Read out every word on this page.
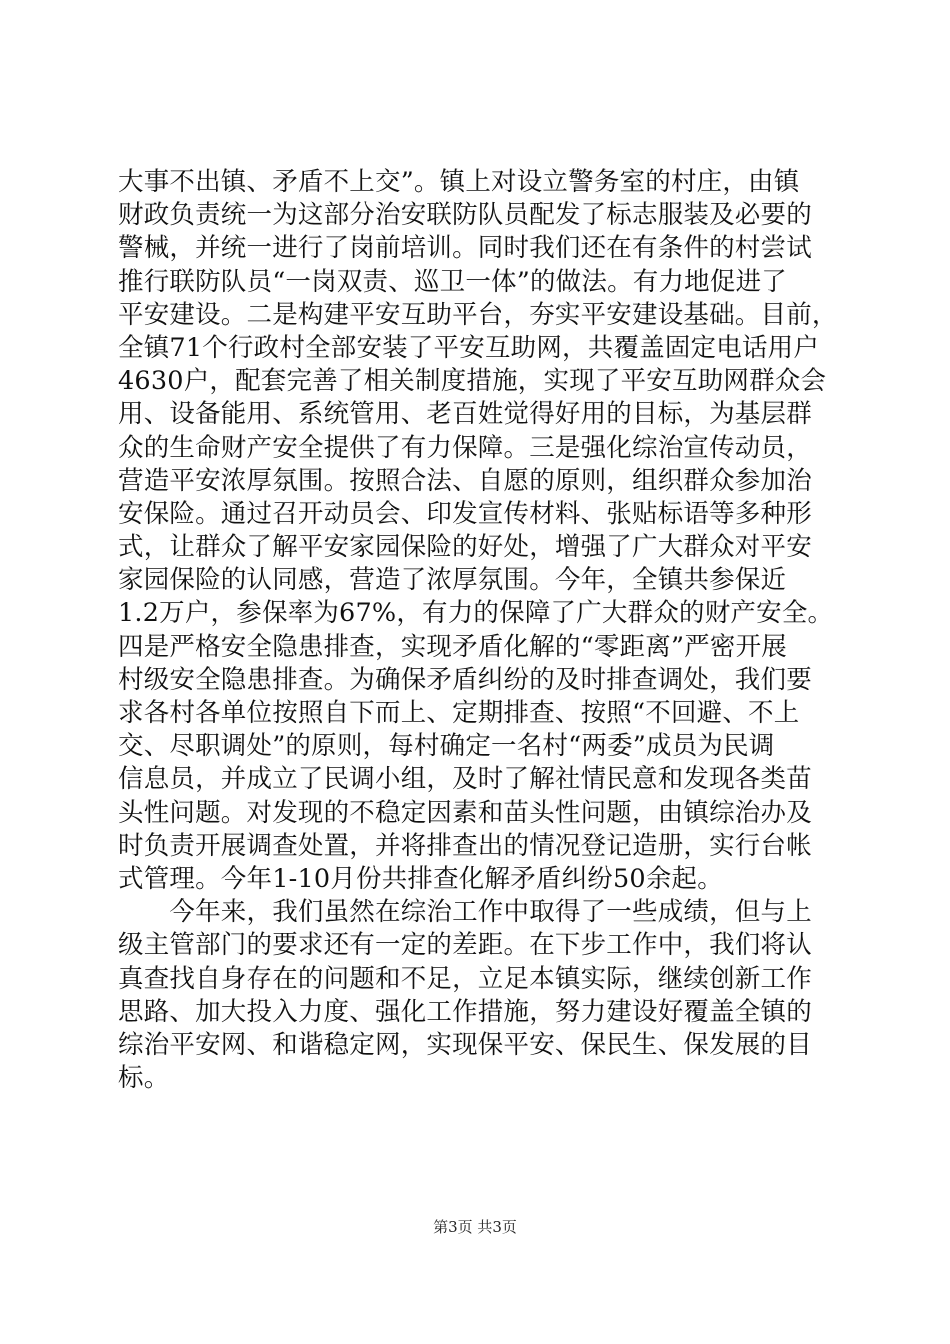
大事不出镇、矛盾不上交”。镇上对设立警务室的村庄，由镇
财政负责统一为这部分治安联防队员配发了标志服装及必要的
警械，并统一进行了岗前培训。同时我们还在有条件的村尝试
推行联防队员“一岗双责、巡卫一体”的做法。有力地促进了
平安建设。二是构建平安互助平台，夯实平安建设基础。目前，
全镇71个行政村全部安装了平安互助网，共覆盖固定电话用户
4630户，配套完善了相关制度措施，实现了平安互助网群众会
用、设备能用、系统管用、老百姓觉得好用的目标，为基层群
众的生命财产安全提供了有力保障。三是强化综治宣传动员，
营造平安浓厚氛围。按照合法、自愿的原则，组织群众参加治
安保险。通过召开动员会、印发宣传材料、张贴标语等多种形
式，让群众了解平安家园保险的好处，增强了广大群众对平安
家园保险的认同感，营造了浓厚氛围。今年，全镇共参保近
1.2万户，参保率为67%，有力的保障了广大群众的财产安全。
四是严格安全隐患排查，实现矛盾化解的“零距离”严密开展
村级安全隐患排查。为确保矛盾纠纷的及时排查调处，我们要
求各村各单位按照自下而上、定期排查、按照“不回避、不上
交、尽职调处”的原则，每村确定一名村“两委”成员为民调
信息员，并成立了民调小组，及时了解社情民意和发现各类苗
头性问题。对发现的不稳定因素和苗头性问题，由镇综治办及
时负责开展调查处置，并将排查出的情况登记造册，实行台帐
式管理。今年1-10月份共排查化解矛盾纠纷50余起。
　　今年来，我们虽然在综治工作中取得了一些成绩，但与上
级主管部门的要求还有一定的差距。在下步工作中，我们将认
真查找自身存在的问题和不足，立足本镇实际，继续创新工作
思路、加大投入力度、强化工作措施，努力建设好覆盖全镇的
综治平安网、和谐稳定网，实现保平安、保民生、保发展的目
标。
第3页 共3页
